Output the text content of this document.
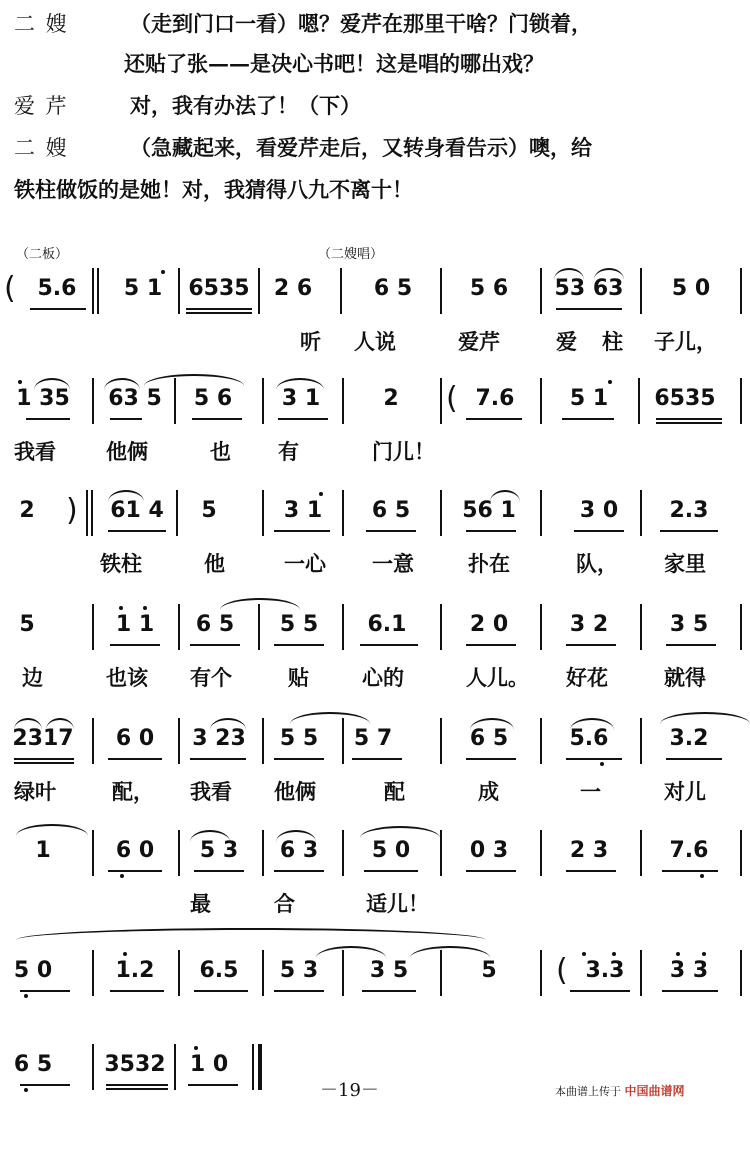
二 嫂	（走到门口一看）嗯？爱芹在那里干啥？门锁着，
还贴了张——是决心书吧！这是唱的哪出戏？
爱 芹	对，我有办法了！（下）
二 嫂	（急藏起来，看爱芹走后，又转身看告示）噢，给
铁柱做饭的是她！对，我猜得八九不离十！
（二板）	（二嫂唱）
( 5.6	5 1	6535	2 6	6 5	5 6	53 63	5 0
听 人说	爱芹	爱 柱 子儿，
1 35	63 5	5 6	3 1	2	( 7.6	5 1	6535
我看 他俩	也 有	门儿！
2	)	61 4	5	3 1	6 5	56 1	3 0	2.3
铁柱	他	一心 一意	扑在	队， 家里
5	1 1	6 5	5 5	6.1	2 0	3 2	3 5
边	也该 有个	贴	心的	人儿。 好花	就得
2317	6 0	3 23	5 5	5 7	6 5	5.6	3.2
绿叶	配， 我看 他俩	配	成	一	对儿
1	6 0	5 3	6 3	5 0	0 3	2 3	7.6
最	合	适儿！
5 0	1.2	6.5	5 3	3 5	5	( 3.3	3 3
6 5	3532	1 0
－19－	本曲谱上传于 中国曲谱网
